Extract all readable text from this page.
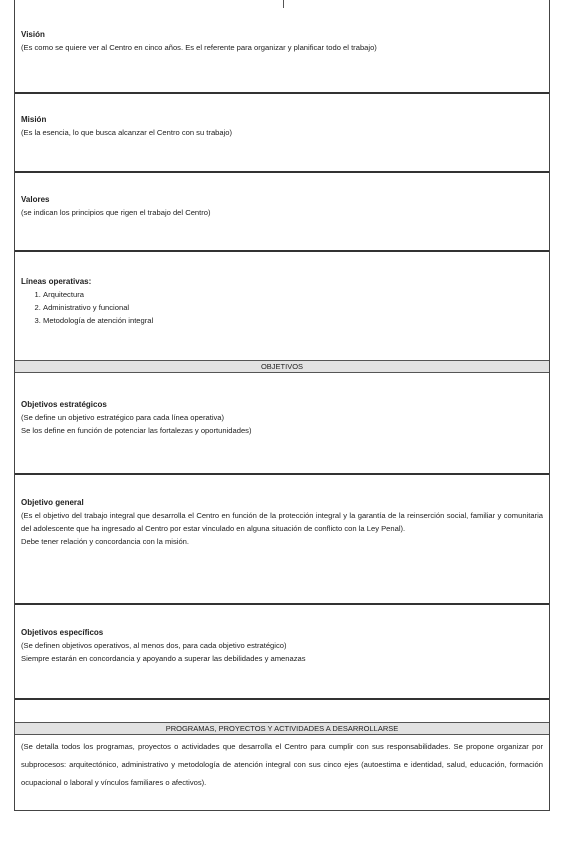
Visión
(Es como se quiere ver al Centro en cinco años. Es el referente para organizar y planificar todo el trabajo)
Misión
(Es la esencia, lo que busca alcanzar el Centro con su trabajo)
Valores
(se indican los principios que rigen el trabajo del Centro)
Líneas operativas:
1. Arquitectura
2. Administrativo y funcional
3. Metodología de atención integral
OBJETIVOS
Objetivos estratégicos
(Se define un objetivo estratégico para cada línea operativa)
Se los define en función de potenciar las fortalezas y oportunidades)
Objetivo general
(Es el objetivo del trabajo integral que desarrolla el Centro en función de la protección integral y la garantía de la reinserción social, familiar y comunitaria del adolescente que ha ingresado al Centro por estar vinculado en alguna situación de conflicto con la Ley Penal).
Debe tener relación y concordancia con la misión.
Objetivos específicos
(Se definen objetivos operativos, al menos dos, para cada objetivo estratégico)
Siempre estarán en concordancia y apoyando a superar las debilidades y amenazas
PROGRAMAS, PROYECTOS Y ACTIVIDADES A DESARROLLARSE
(Se detalla todos los programas, proyectos o actividades que desarrolla el Centro para cumplir con sus responsabilidades. Se propone organizar por subprocesos: arquitectónico, administrativo y metodología de atención integral con sus cinco ejes (autoestima e identidad, salud, educación, formación ocupacional o laboral y vínculos familiares o afectivos).
